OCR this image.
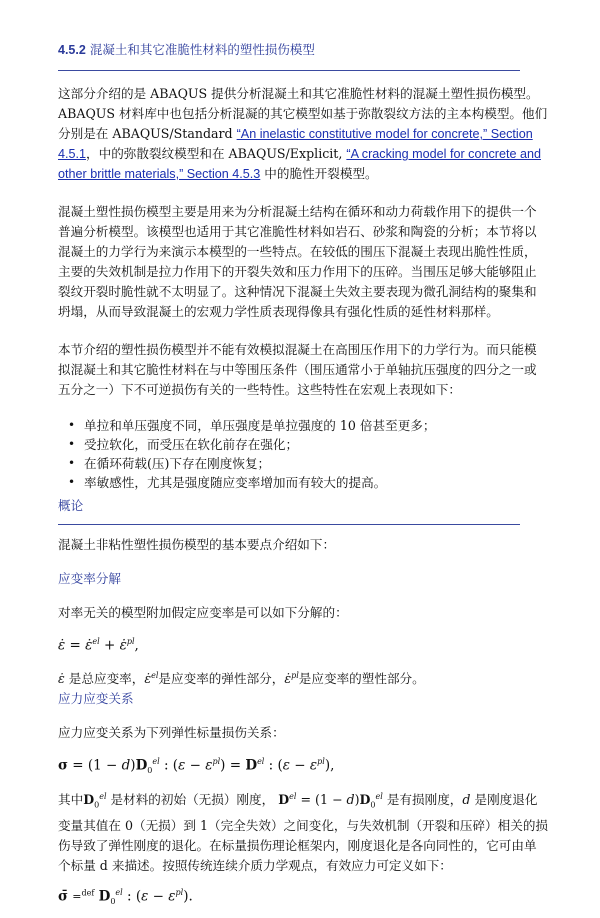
4.5.2 混凝土和其它准脆性材料的塑性损伤模型

这部分介绍的是 ABAQUS 提供分析混凝土和其它准脆性材料的混凝土塑性损伤模型。

ABAQUS 材料库中也包括分析混凝的其它模型如基于弥散裂纹方法的主本构模型。他们分别是在 ABAQUS/Standard “An inelastic constitutive model for concrete,” Section 4.5.1，中的弥散裂纹模型和在 ABAQUS/Explicit, “A cracking model for concrete and other brittle materials,” Section 4.5.3 中的脆性开裂模型。

混凝土塑性损伤模型主要是用来为分析混凝土结构在循环和动力荷载作用下的提供一个普遍分析模型。该模型也适用于其它准脆性材料如岩石、砂浆和陶瓷的分析；本节将以混凝土的力学行为来演示本模型的一些特点。在较低的围压下混凝土表现出脆性性质，主要的失效机制是拉力作用下的开裂失效和压力作用下的压碎。当围压足够大能够阻止裂纹开裂时脆性就不太明显了。这种情况下混凝土失效主要表现为微孔洞结构的聚集和坍塌，从而导致混凝土的宏观力学性质表现得像具有强化性质的延性材料那样。

本节介绍的塑性损伤模型并不能有效模拟混凝土在高围压作用下的力学行为。而只能模拟混凝土和其它脆性材料在与中等围压条件（围压通常小于单轴抗压强度的四分之一或五分之一）下不可逆损伤有关的一些特性。这些特性在宏观上表现如下：

• 单拉和单压强度不同，单压强度是单拉强度的 10 倍甚至更多；
• 受拉软化，而受压在软化前存在强化；
• 在循环荷载(压)下存在刚度恢复；
• 率敏感性，尤其是强度随应变率增加而有较大的提高。
概论

混凝土非粘性塑性损伤模型的基本要点介绍如下：

应变率分解

对率无关的模型附加假定应变率是可以如下分解的：

ε̇ = ε̇$^{el}$ + ε̇$^{pl}$,

ε̇ 是总应变率，ε̇$^{el}$是应变率的弹性部分，ε̇$^{pl}$是应变率的塑性部分。

应力应变关系

应力应变关系为下列弹性标量损伤关系：

$\sigma = (1 - d)D_0^{el}$ : $(\varepsilon - \varepsilon^{pl}) = D^{el}$ : $(\varepsilon - \varepsilon^{pl})$,

其中$D_0^{el}$ 是材料的初始（无损）刚度， $D^{el} = (1 - d)D_0^{el}$ 是有损刚度，d 是刚度退化变量其值在 0（无损）到 1（完全失效）之间变化，与失效机制（开裂和压碎）相关的损伤导致了弹性刚度的退化。在标量损伤理论框架内，刚度退化是各向同性的，它可由单个标量 d 来描述。按照传统连续介质力学观点，有效应力可定义如下：

σ̄ =$^{def}$ $D_0^{el}$ : $(\varepsilon - \varepsilon^{pl})$.
